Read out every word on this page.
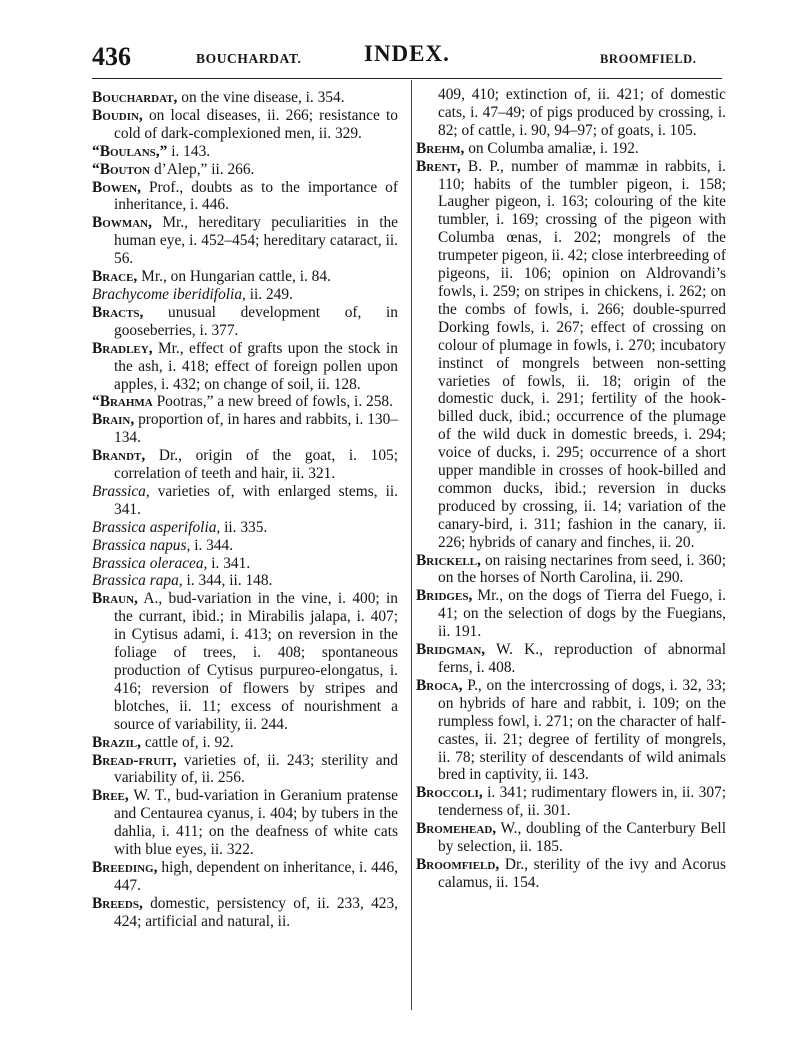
436	BOUCHARDAT.	INDEX.	BROOMFIELD.

Bouchardat, on the vine disease, i. 354.

Boudin, on local diseases, ii. 266; resistance to cold of dark-complexioned men, ii. 329.

“Boulans,” i. 143.

“Bouton d’Alep,” ii. 266.

Bowen, Prof., doubts as to the importance of inheritance, i. 446.

Bowman, Mr., hereditary peculiarities in the human eye, i. 452–454; hereditary cataract, ii. 56.

Brace, Mr., on Hungarian cattle, i. 84.

Brachycome iberidifolia, ii. 249.

Bracts, unusual development of, in gooseberries, i. 377.

Bradley, Mr., effect of grafts upon the stock in the ash, i. 418; effect of foreign pollen upon apples, i. 432; on change of soil, ii. 128.

“Brahma Pootras,” a new breed of fowls, i. 258.

Brain, proportion of, in hares and rabbits, i. 130–134.

Brandt, Dr., origin of the goat, i. 105; correlation of teeth and hair, ii. 321.

Brassica, varieties of, with enlarged stems, ii. 341.

Brassica asperifolia, ii. 335.

Brassica napus, i. 344.

Brassica oleracea, i. 341.

Brassica rapa, i. 344, ii. 148.

Braun, A., bud-variation in the vine, i. 400; in the currant, ibid.; in Mirabilis jalapa, i. 407; in Cytisus adami, i. 413; on reversion in the foliage of trees, i. 408; spontaneous production of Cytisus purpureo-elongatus, i. 416; reversion of flowers by stripes and blotches, ii. 11; excess of nourishment a source of variability, ii. 244.

Brazil, cattle of, i. 92.

Bread-fruit, varieties of, ii. 243; sterility and variability of, ii. 256.

Bree, W. T., bud-variation in Geranium pratense and Centaurea cyanus, i. 404; by tubers in the dahlia, i. 411; on the deafness of white cats with blue eyes, ii. 322.

Breeding, high, dependent on inheritance, i. 446, 447.

Breeds, domestic, persistency of, ii. 233, 423, 424; artificial and natural, ii.

409, 410; extinction of, ii. 421; of domestic cats, i. 47–49; of pigs produced by crossing, i. 82; of cattle, i. 90, 94–97; of goats, i. 105.

Brehm, on Columba amaliæ, i. 192.

Brent, B. P., number of mammæ in rabbits, i. 110; habits of the tumbler pigeon, i. 158; Laugher pigeon, i. 163; colouring of the kite tumbler, i. 169; crossing of the pigeon with Columba œnas, i. 202; mongrels of the trumpeter pigeon, ii. 42; close interbreeding of pigeons, ii. 106; opinion on Aldrovandi’s fowls, i. 259; on stripes in chickens, i. 262; on the combs of fowls, i. 266; double-spurred Dorking fowls, i. 267; effect of crossing on colour of plumage in fowls, i. 270; incubatory instinct of mongrels between non-setting varieties of fowls, ii. 18; origin of the domestic duck, i. 291; fertility of the hook-billed duck, ibid.; occurrence of the plumage of the wild duck in domestic breeds, i. 294; voice of ducks, i. 295; occurrence of a short upper mandible in crosses of hook-billed and common ducks, ibid.; reversion in ducks produced by crossing, ii. 14; variation of the canary-bird, i. 311; fashion in the canary, ii. 226; hybrids of canary and finches, ii. 20.

Brickell, on raising nectarines from seed, i. 360; on the horses of North Carolina, ii. 290.

Bridges, Mr., on the dogs of Tierra del Fuego, i. 41; on the selection of dogs by the Fuegians, ii. 191.

Bridgman, W. K., reproduction of abnormal ferns, i. 408.

Broca, P., on the intercrossing of dogs, i. 32, 33; on hybrids of hare and rabbit, i. 109; on the rumpless fowl, i. 271; on the character of half-castes, ii. 21; degree of fertility of mongrels, ii. 78; sterility of descendants of wild animals bred in captivity, ii. 143.

Broccoli, i. 341; rudimentary flowers in, ii. 307; tenderness of, ii. 301.

Bromehead, W., doubling of the Canterbury Bell by selection, ii. 185.

Broomfield, Dr., sterility of the ivy and Acorus calamus, ii. 154.
